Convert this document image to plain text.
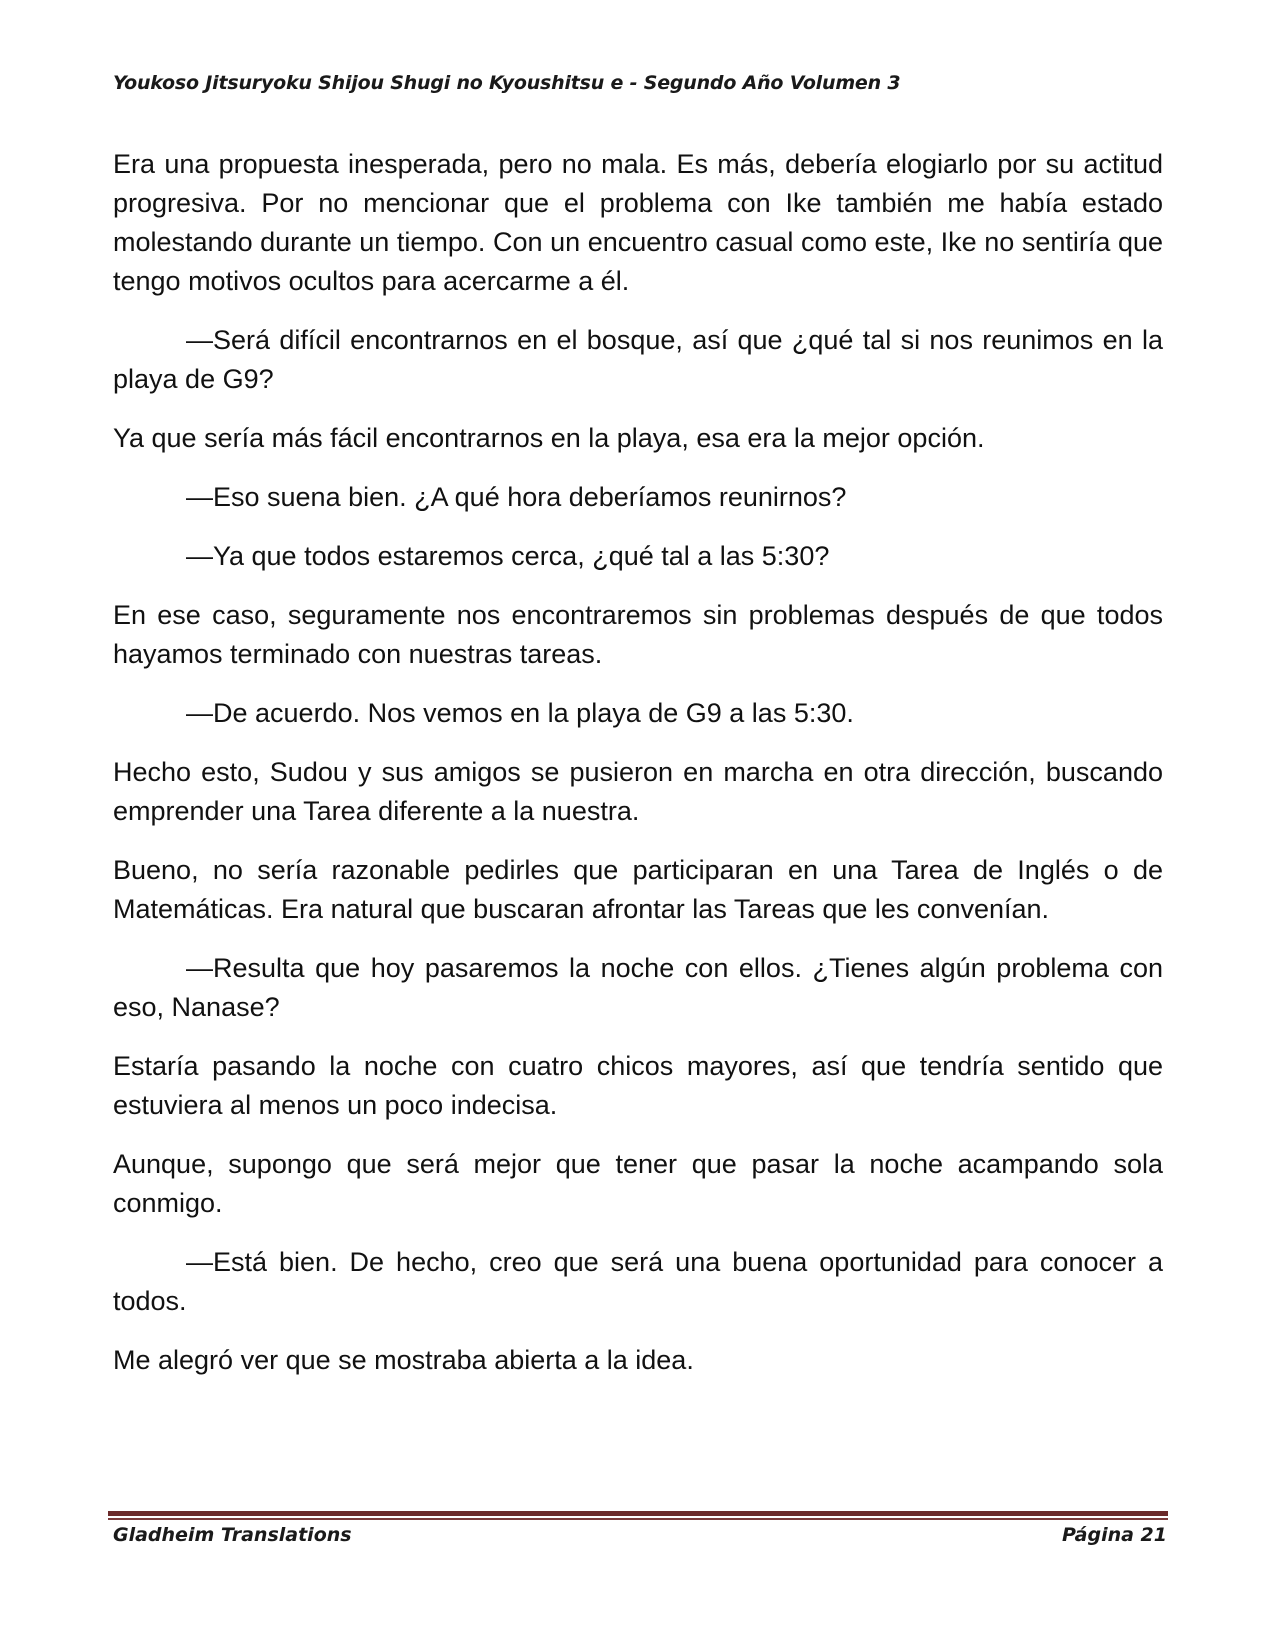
Youkoso Jitsuryoku Shijou Shugi no Kyoushitsu e - Segundo Año Volumen 3

Era una propuesta inesperada, pero no mala. Es más, debería elogiarlo por su actitud progresiva. Por no mencionar que el problema con Ike también me había estado molestando durante un tiempo. Con un encuentro casual como este, Ike no sentiría que tengo motivos ocultos para acercarme a él.

—Será difícil encontrarnos en el bosque, así que ¿qué tal si nos reunimos en la playa de G9?

Ya que sería más fácil encontrarnos en la playa, esa era la mejor opción.

—Eso suena bien. ¿A qué hora deberíamos reunirnos?

—Ya que todos estaremos cerca, ¿qué tal a las 5:30?

En ese caso, seguramente nos encontraremos sin problemas después de que todos hayamos terminado con nuestras tareas.

—De acuerdo. Nos vemos en la playa de G9 a las 5:30.

Hecho esto, Sudou y sus amigos se pusieron en marcha en otra dirección, buscando emprender una Tarea diferente a la nuestra.

Bueno, no sería razonable pedirles que participaran en una Tarea de Inglés o de Matemáticas. Era natural que buscaran afrontar las Tareas que les convenían.

—Resulta que hoy pasaremos la noche con ellos. ¿Tienes algún problema con eso, Nanase?

Estaría pasando la noche con cuatro chicos mayores, así que tendría sentido que estuviera al menos un poco indecisa.

Aunque, supongo que será mejor que tener que pasar la noche acampando sola conmigo.

—Está bien. De hecho, creo que será una buena oportunidad para conocer a todos.

Me alegró ver que se mostraba abierta a la idea.

Gladheim Translations	Página 21
